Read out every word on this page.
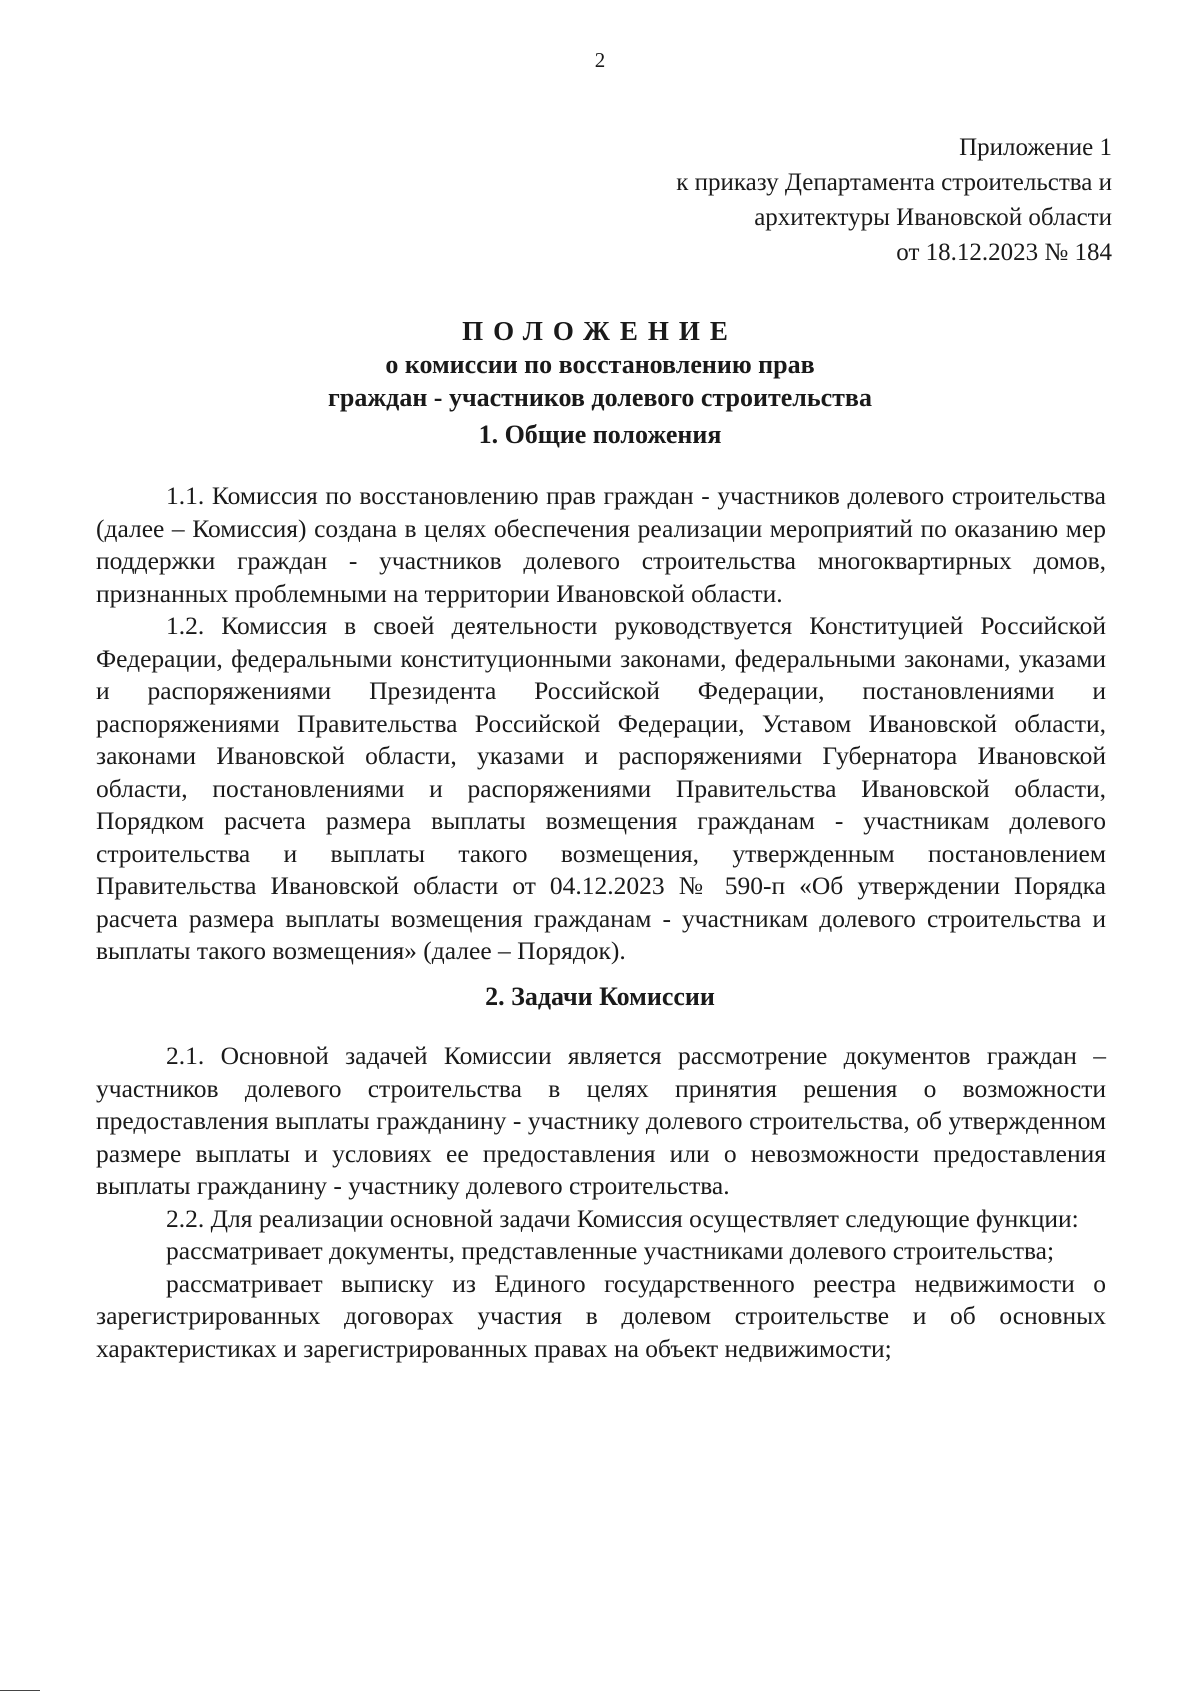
2
Приложение 1
к приказу Департамента строительства и
архитектуры Ивановской области
от 18.12.2023 № 184
ПОЛОЖЕНИЕ
о комиссии по восстановлению прав
граждан - участников долевого строительства
1. Общие положения

1.1. Комиссия по восстановлению прав граждан - участников долевого строительства (далее – Комиссия) создана в целях обеспечения реализации мероприятий по оказанию мер поддержки граждан - участников долевого строительства многоквартирных домов, признанных проблемными на территории Ивановской области.

1.2. Комиссия в своей деятельности руководствуется Конституцией Российской Федерации, федеральными конституционными законами, федеральными законами, указами и распоряжениями Президента Российской Федерации, постановлениями и распоряжениями Правительства Российской Федерации, Уставом Ивановской области, законами Ивановской области, указами и распоряжениями Губернатора Ивановской области, постановлениями и распоряжениями Правительства Ивановской области, Порядком расчета размера выплаты возмещения гражданам - участникам долевого строительства и выплаты такого возмещения, утвержденным постановлением Правительства Ивановской области от 04.12.2023 № 590-п «Об утверждении Порядка расчета размера выплаты возмещения гражданам - участникам долевого строительства и выплаты такого возмещения» (далее – Порядок).

2. Задачи Комиссии

2.1. Основной задачей Комиссии является рассмотрение документов граждан – участников долевого строительства в целях принятия решения о возможности предоставления выплаты гражданину - участнику долевого строительства, об утвержденном размере выплаты и условиях ее предоставления или о невозможности предоставления выплаты гражданину - участнику долевого строительства.

2.2. Для реализации основной задачи Комиссия осуществляет следующие функции:

рассматривает документы, представленные участниками долевого строительства;

рассматривает выписку из Единого государственного реестра недвижимости о зарегистрированных договорах участия в долевом строительстве и об основных характеристиках и зарегистрированных правах на объект недвижимости;
